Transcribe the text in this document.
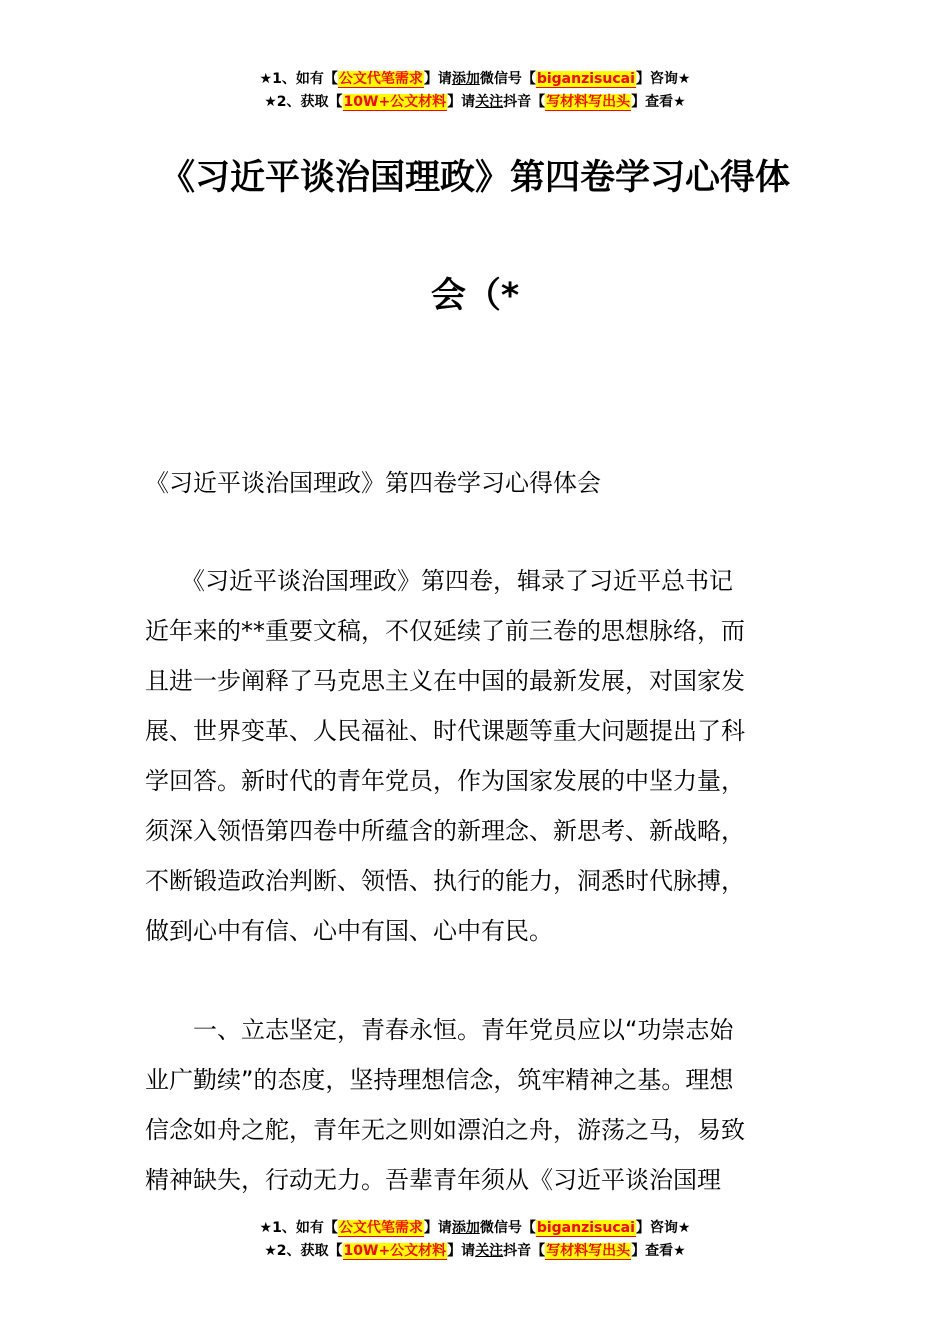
★1、如有【公文代笔需求】请添加微信号【biganzisucai】咨询★
★2、获取【10W+公文材料】请关注抖音【写材料写出头】查看★
《习近平谈治国理政》第四卷学习心得体
会（*
《习近平谈治国理政》第四卷学习心得体会
　　《习近平谈治国理政》第四卷，辑录了习近平总书记
近年来的**重要文稿，不仅延续了前三卷的思想脉络，而
且进一步阐释了马克思主义在中国的最新发展，对国家发
展、世界变革、人民福祉、时代课题等重大问题提出了科
学回答。新时代的青年党员，作为国家发展的中坚力量，
须深入领悟第四卷中所蕴含的新理念、新思考、新战略，
不断锻造政治判断、领悟、执行的能力，洞悉时代脉搏，
做到心中有信、心中有国、心中有民。
　　一、立志坚定，青春永恒。青年党员应以“功崇志始
业广勤续”的态度，坚持理想信念，筑牢精神之基。理想
信念如舟之舵，青年无之则如漂泊之舟，游荡之马，易致
精神缺失，行动无力。吾辈青年须从《习近平谈治国理
★1、如有【公文代笔需求】请添加微信号【biganzisucai】咨询★
★2、获取【10W+公文材料】请关注抖音【写材料写出头】查看★
